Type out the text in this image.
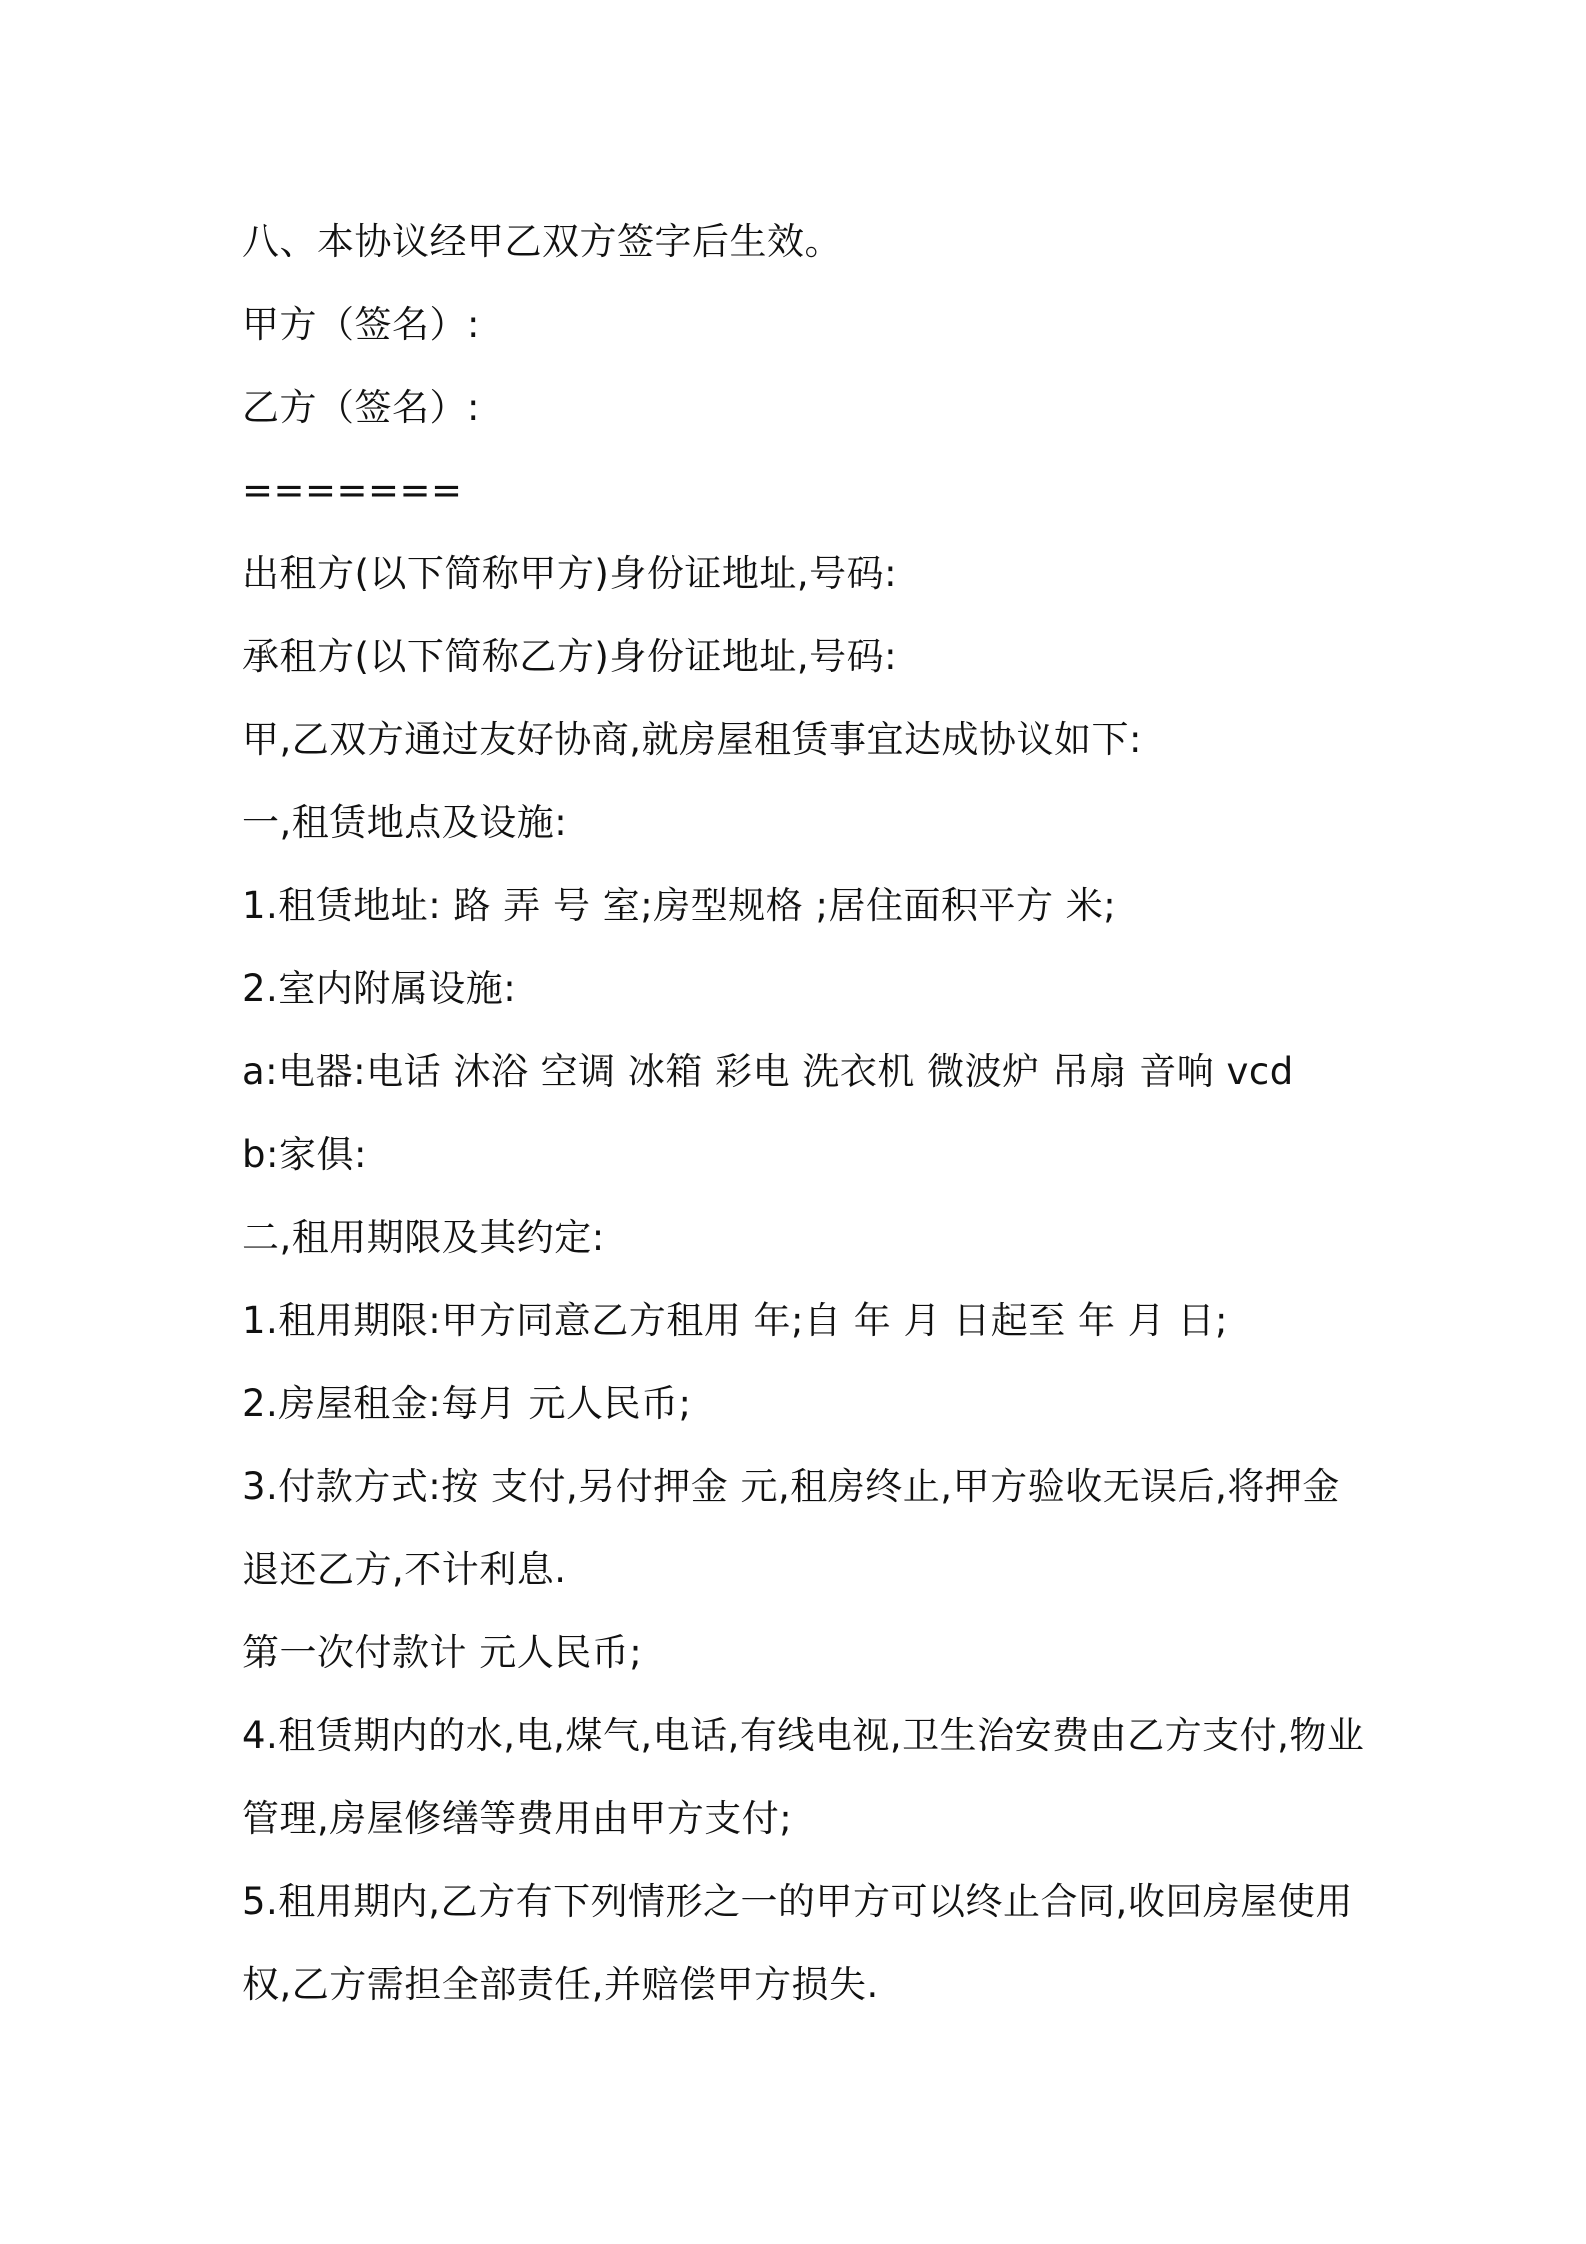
八、本协议经甲乙双方签字后生效。
甲方（签名）:
乙方（签名）:
=======
出租方(以下简称甲方)身份证地址,号码:
承租方(以下简称乙方)身份证地址,号码:
甲,乙双方通过友好协商,就房屋租赁事宜达成协议如下:
一,租赁地点及设施:
1.租赁地址: 路 弄 号 室;房型规格 ;居住面积平方 米;
2.室内附属设施:
a:电器:电话 沐浴 空调 冰箱 彩电 洗衣机 微波炉 吊扇 音响 vcd
b:家俱:
二,租用期限及其约定:
1.租用期限:甲方同意乙方租用 年;自 年 月 日起至 年 月 日;
2.房屋租金:每月 元人民币;
3.付款方式:按 支付,另付押金 元,租房终止,甲方验收无误后,将押金
退还乙方,不计利息.
第一次付款计 元人民币;
4.租赁期内的水,电,煤气,电话,有线电视,卫生治安费由乙方支付,物业
管理,房屋修缮等费用由甲方支付;
5.租用期内,乙方有下列情形之一的甲方可以终止合同,收回房屋使用
权,乙方需担全部责任,并赔偿甲方损失.
